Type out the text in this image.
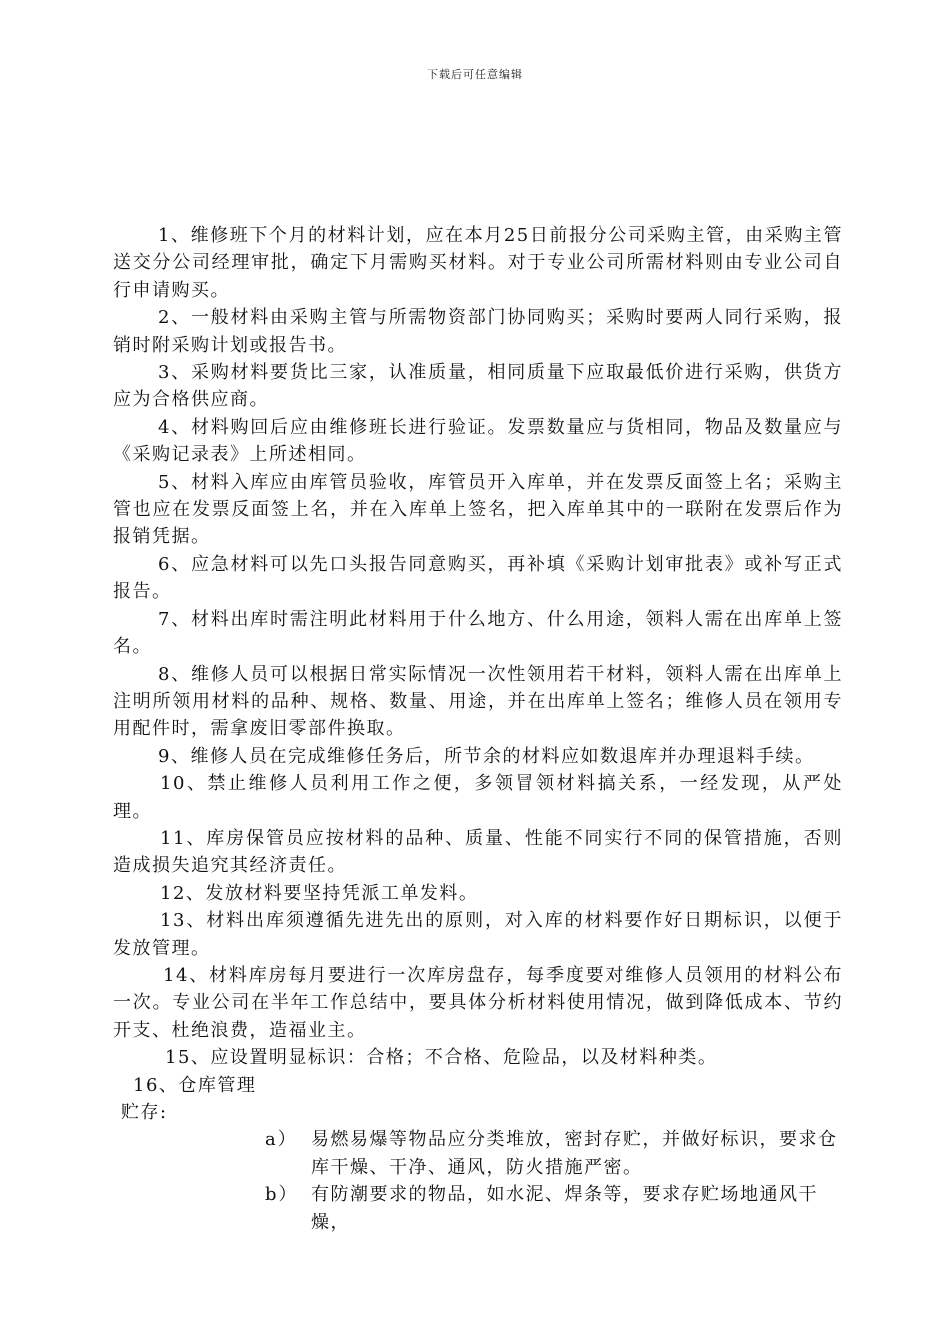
下载后可任意编辑

1、维修班下个月的材料计划，应在本月25日前报分公司采购主管，由采购主管送交分公司经理审批，确定下月需购买材料。对于专业公司所需材料则由专业公司自行申请购买。

2、一般材料由采购主管与所需物资部门协同购买；采购时要两人同行采购，报销时附采购计划或报告书。

3、采购材料要货比三家，认准质量，相同质量下应取最低价进行采购，供货方应为合格供应商。

4、材料购回后应由维修班长进行验证。发票数量应与货相同，物品及数量应与《采购记录表》上所述相同。

5、材料入库应由库管员验收，库管员开入库单，并在发票反面签上名；采购主管也应在发票反面签上名，并在入库单上签名，把入库单其中的一联附在发票后作为报销凭据。

6、应急材料可以先口头报告同意购买，再补填《采购计划审批表》或补写正式报告。

7、材料出库时需注明此材料用于什么地方、什么用途，领料人需在出库单上签名。

8、维修人员可以根据日常实际情况一次性领用若干材料，领料人需在出库单上注明所领用材料的品种、规格、数量、用途，并在出库单上签名；维修人员在领用专用配件时，需拿废旧零部件换取。

9、维修人员在完成维修任务后，所节余的材料应如数退库并办理退料手续。

10、禁止维修人员利用工作之便，多领冒领材料搞关系，一经发现，从严处理。

11、库房保管员应按材料的品种、质量、性能不同实行不同的保管措施，否则造成损失追究其经济责任。

12、发放材料要坚持凭派工单发料。

13、材料出库须遵循先进先出的原则，对入库的材料要作好日期标识，以便于发放管理。

14、材料库房每月要进行一次库房盘存，每季度要对维修人员领用的材料公布一次。专业公司在半年工作总结中，要具体分析材料使用情况，做到降低成本、节约开支、杜绝浪费，造福业主。

15、应设置明显标识：合格；不合格、危险品，以及材料种类。

16、仓库管理

贮存:

a） 易燃易爆等物品应分类堆放，密封存贮，并做好标识，要求仓库干燥、干净、通风，防火措施严密。
b） 有防潮要求的物品，如水泥、焊条等，要求存贮场地通风干燥，
